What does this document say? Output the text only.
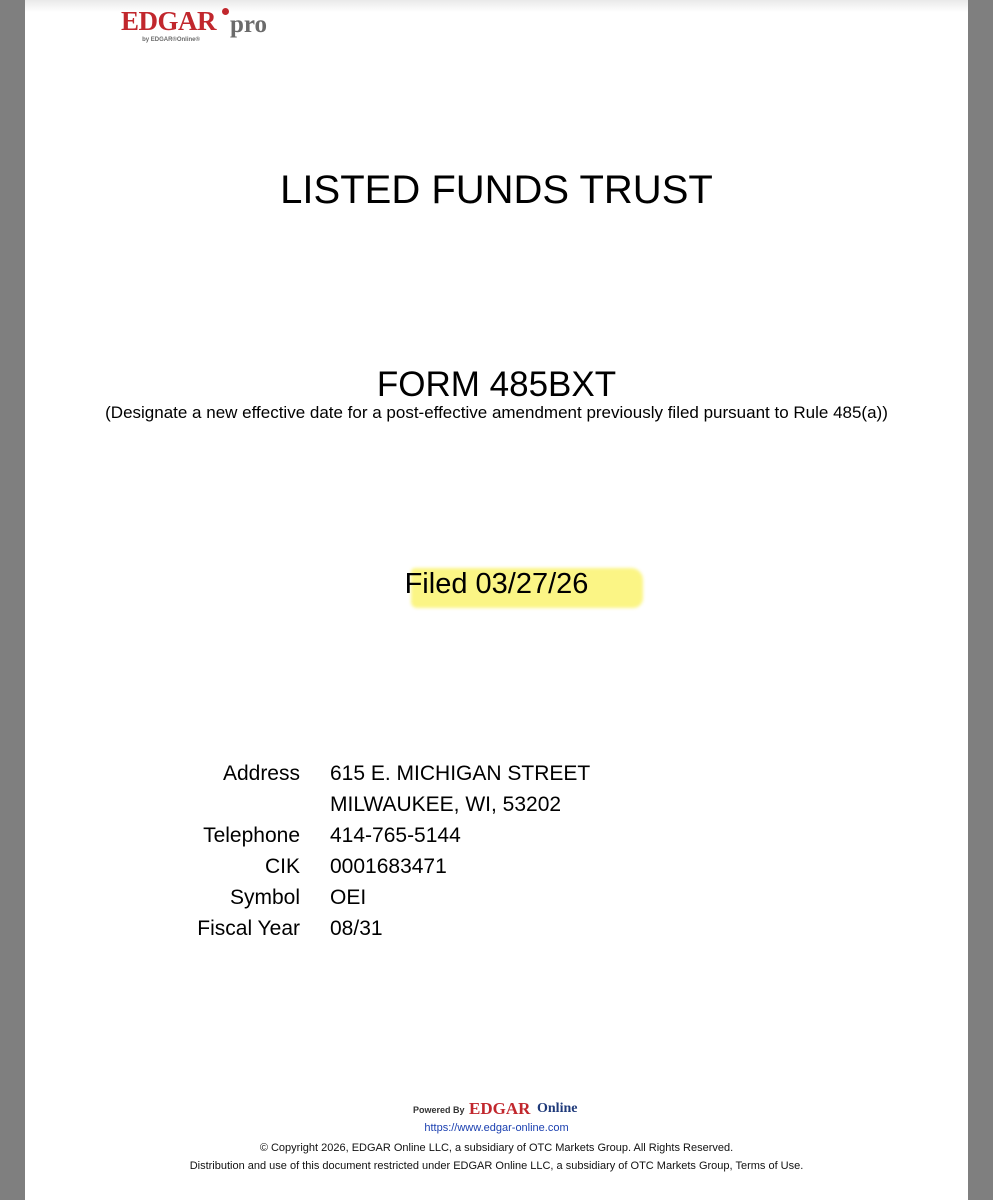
EDGAR pro
by EDGAR®Online®
LISTED FUNDS TRUST
FORM 485BXT
(Designate a new effective date for a post-effective amendment previously filed pursuant to Rule 485(a))
Filed 03/27/26
Address 615 E. MICHIGAN STREET
MILWAUKEE, WI, 53202
Telephone 414-765-5144
CIK 0001683471
Symbol OEI
Fiscal Year 08/31
Powered By EDGAR Online
https://www.edgar-online.com
© Copyright 2026, EDGAR Online LLC, a subsidiary of OTC Markets Group. All Rights Reserved.
Distribution and use of this document restricted under EDGAR Online LLC, a subsidiary of OTC Markets Group, Terms of Use.
